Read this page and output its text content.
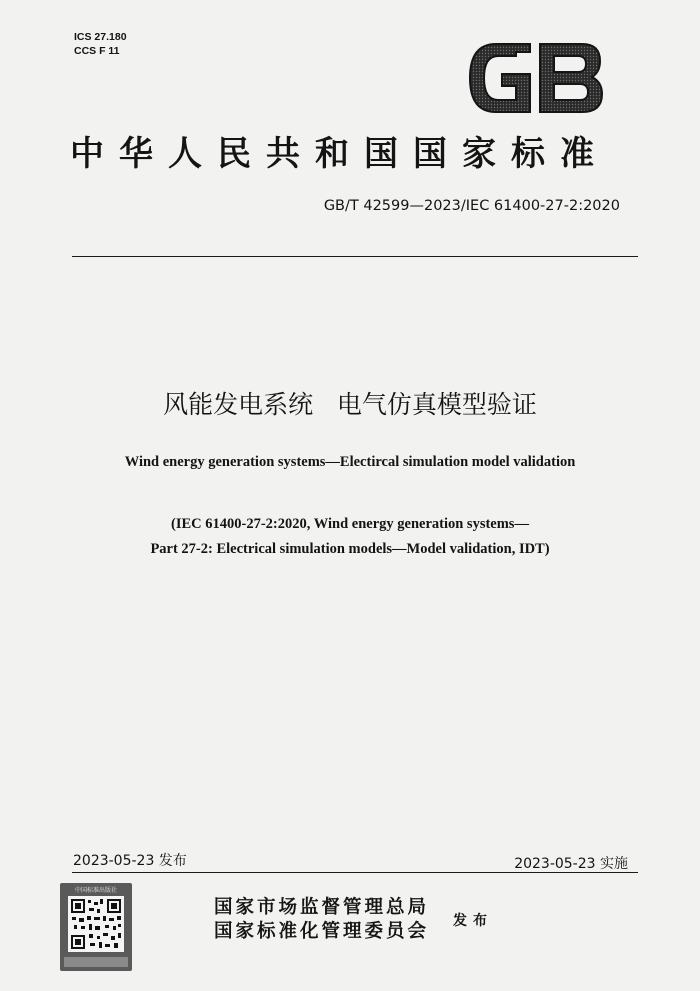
ICS 27.180
CCS F 11
GB
中华人民共和国国家标准
GB/T 42599—2023/IEC 61400-27-2:2020
风能发电系统   电气仿真模型验证
Wind energy generation systems—Electircal simulation model validation
(IEC 61400-27-2:2020, Wind energy generation systems—
Part 27-2: Electrical simulation models—Model validation, IDT)
2023-05-23 发布	2023-05-23 实施
中国标准出版社
国家市场监督管理总局
国家标准化管理委员会 发布
